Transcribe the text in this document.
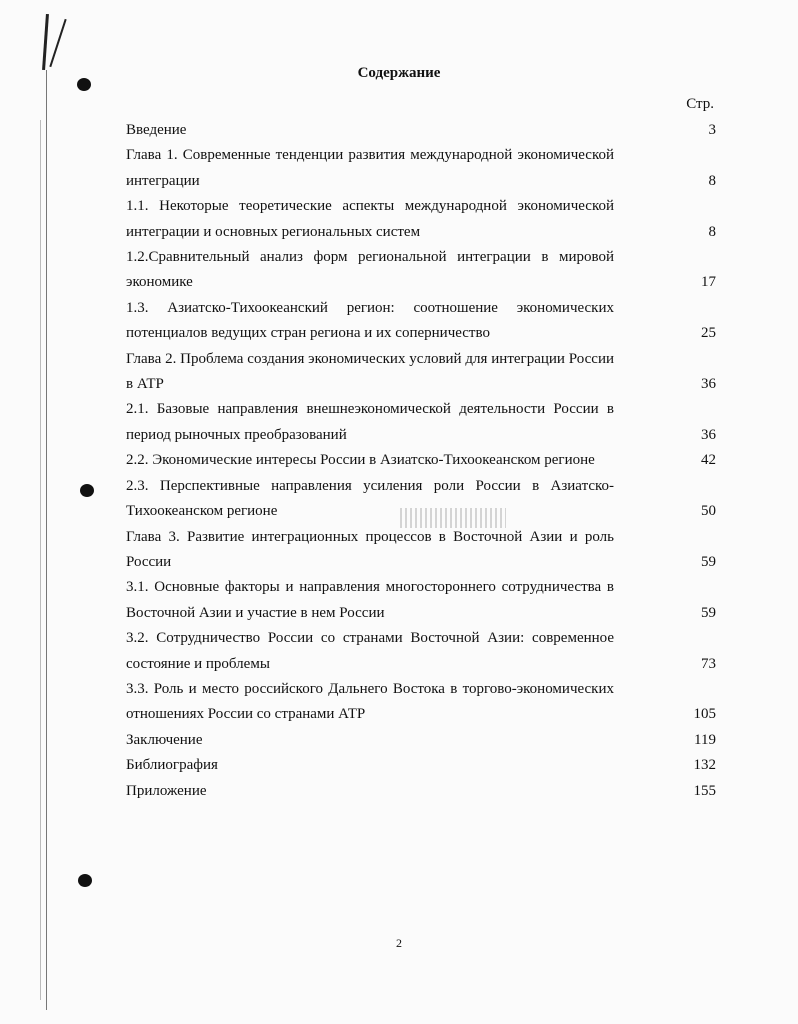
Содержание
Стр.
Введение	3
Глава 1. Современные тенденции развития международной экономической интеграции	8
1.1. Некоторые теоретические аспекты международной экономической интеграции и основных региональных систем	8
1.2.Сравнительный анализ форм региональной интеграции в мировой экономике	17
1.3. Азиатско-Тихоокеанский регион: соотношение экономических потенциалов ведущих стран региона и их соперничество	25
Глава 2. Проблема создания экономических условий для интеграции России в АТР	36
2.1. Базовые направления внешнеэкономической деятельности России в период рыночных преобразований	36
2.2. Экономические интересы России в Азиатско-Тихоокеанском регионе	42
2.3. Перспективные направления усиления роли России в Азиатско-Тихоокеанском регионе	50
Глава 3. Развитие интеграционных процессов в Восточной Азии и роль России	59
3.1. Основные факторы и направления многостороннего сотрудничества в Восточной Азии и участие в нем России	59
3.2. Сотрудничество России со странами Восточной Азии: современное состояние и проблемы	73
3.3. Роль и место российского Дальнего Востока в торгово-экономических отношениях России со странами АТР	105
Заключение	119
Библиография	132
Приложение	155
2
